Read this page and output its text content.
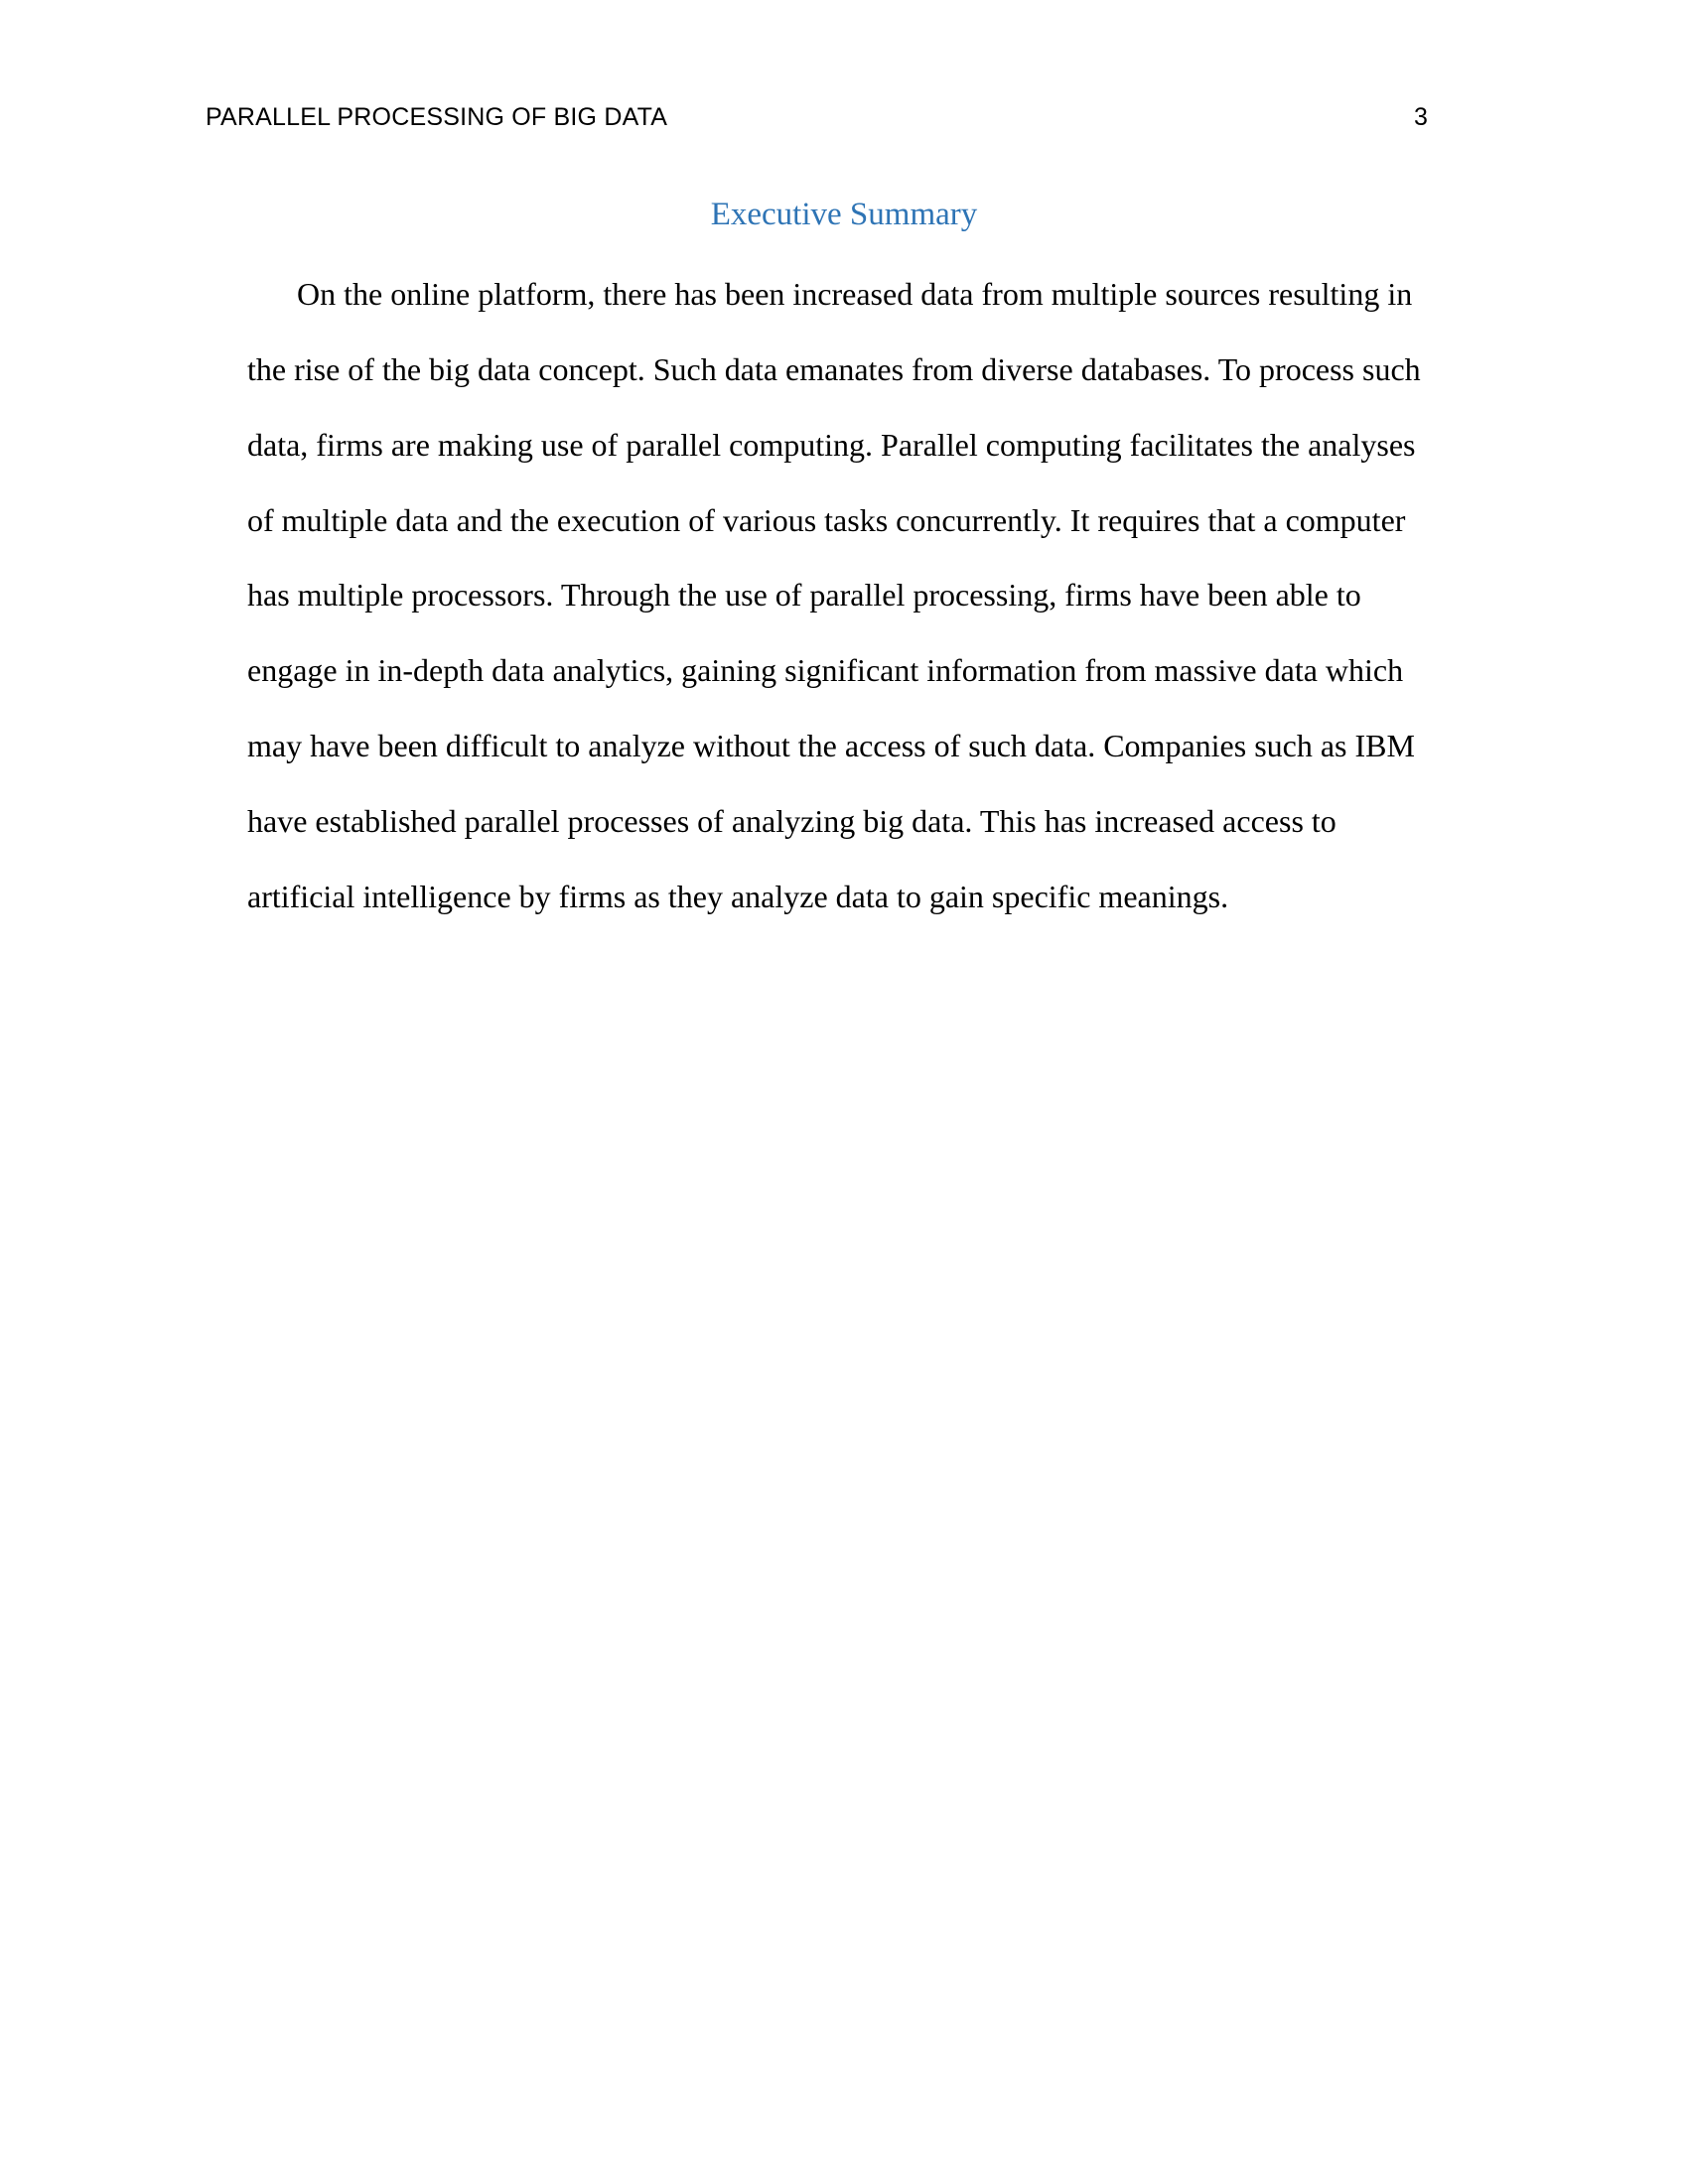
PARALLEL PROCESSING OF BIG DATA	3
Executive Summary
On the online platform, there has been increased data from multiple sources resulting in
the rise of the big data concept. Such data emanates from diverse databases. To process such
data, firms are making use of parallel computing. Parallel computing facilitates the analyses
of multiple data and the execution of various tasks concurrently. It requires that a computer
has multiple processors. Through the use of parallel processing, firms have been able to
engage in in-depth data analytics, gaining significant information from massive data which
may have been difficult to analyze without the access of such data. Companies such as IBM
have established parallel processes of analyzing big data. This has increased access to
artificial intelligence by firms as they analyze data to gain specific meanings.
